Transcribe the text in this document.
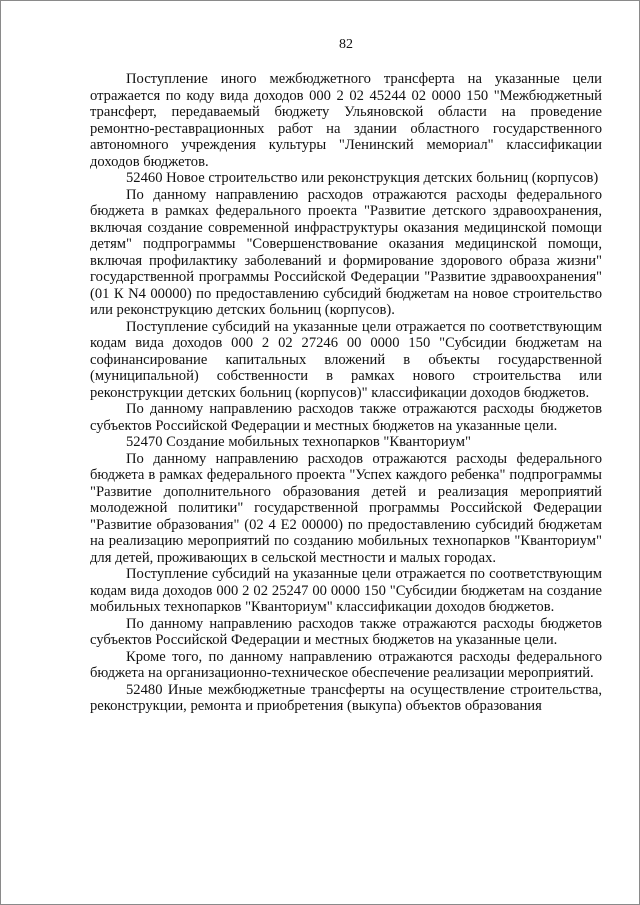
82

Поступление иного межбюджетного трансферта на указанные цели отражается по коду вида доходов 000 2 02 45244 02 0000 150 "Межбюджетный трансферт, передаваемый бюджету Ульяновской области на проведение ремонтно-реставрационных работ на здании областного государственного автономного учреждения культуры "Ленинский мемориал" классификации доходов бюджетов.

52460 Новое строительство или реконструкция детских больниц (корпусов)

По данному направлению расходов отражаются расходы федерального бюджета в рамках федерального проекта "Развитие детского здравоохранения, включая создание современной инфраструктуры оказания медицинской помощи детям" подпрограммы "Совершенствование оказания медицинской помощи, включая профилактику заболеваний и формирование здорового образа жизни" государственной программы Российской Федерации "Развитие здравоохранения" (01 К N4 00000) по предоставлению субсидий бюджетам на новое строительство или реконструкцию детских больниц (корпусов).

Поступление субсидий на указанные цели отражается по соответствующим кодам вида доходов 000 2 02 27246 00 0000 150 "Субсидии бюджетам на софинансирование капитальных вложений в объекты государственной (муниципальной) собственности в рамках нового строительства или реконструкции детских больниц (корпусов)" классификации доходов бюджетов.

По данному направлению расходов также отражаются расходы бюджетов субъектов Российской Федерации и местных бюджетов на указанные цели.

52470 Создание мобильных технопарков "Кванториум"

По данному направлению расходов отражаются расходы федерального бюджета в рамках федерального проекта "Успех каждого ребенка" подпрограммы "Развитие дополнительного образования детей и реализация мероприятий молодежной политики" государственной программы Российской Федерации "Развитие образования" (02 4 Е2 00000) по предоставлению субсидий бюджетам на реализацию мероприятий по созданию мобильных технопарков "Кванториум" для детей, проживающих в сельской местности и малых городах.

Поступление субсидий на указанные цели отражается по соответствующим кодам вида доходов 000 2 02 25247 00 0000 150 "Субсидии бюджетам на создание мобильных технопарков "Кванториум" классификации доходов бюджетов.

По данному направлению расходов также отражаются расходы бюджетов субъектов Российской Федерации и местных бюджетов на указанные цели.

Кроме того, по данному направлению отражаются расходы федерального бюджета на организационно-техническое обеспечение реализации мероприятий.

52480 Иные межбюджетные трансферты на осуществление строительства, реконструкции, ремонта и приобретения (выкупа) объектов образования
